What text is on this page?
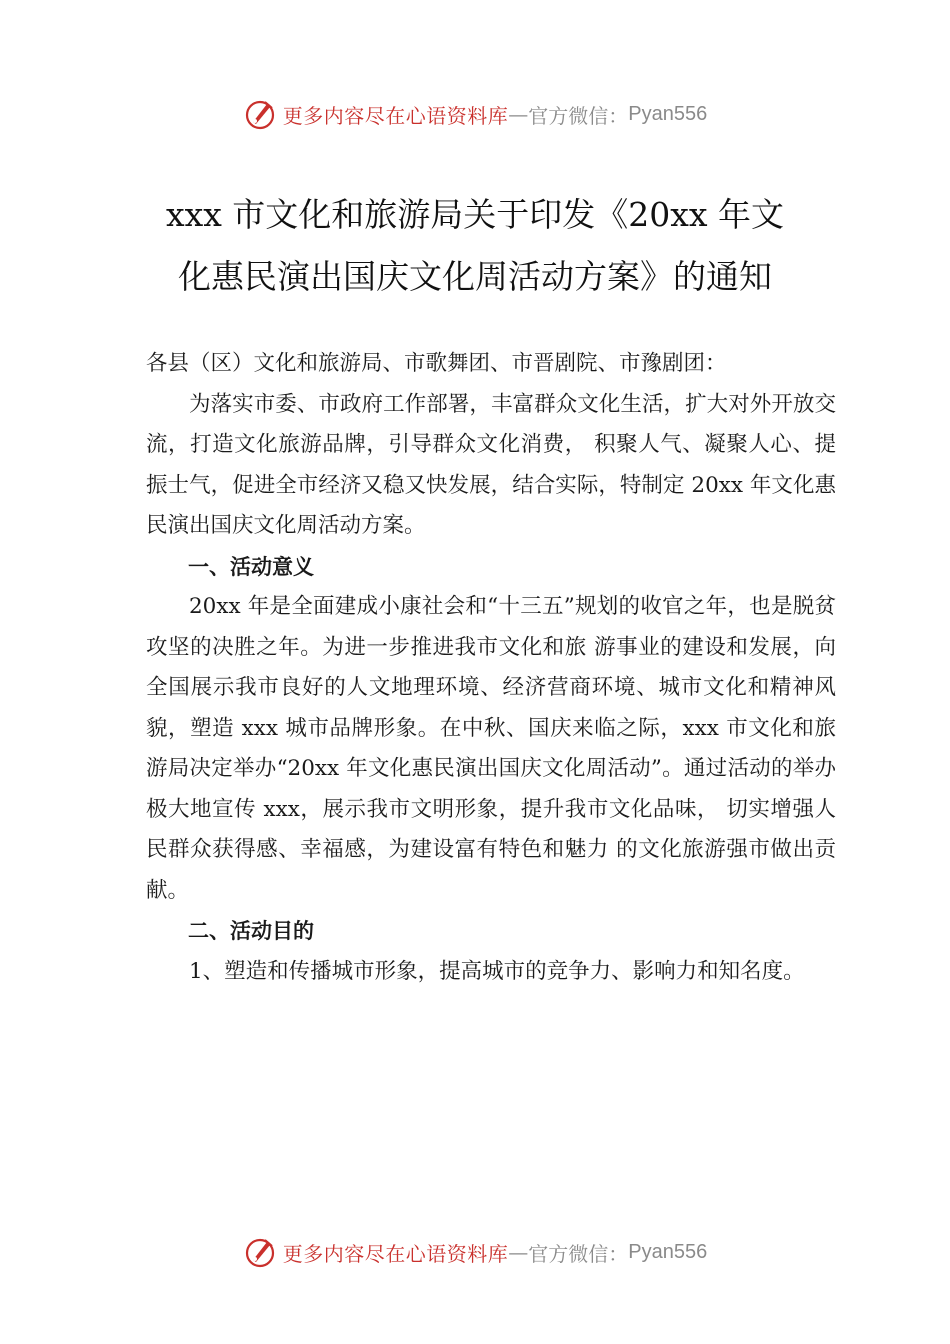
更多内容尽在心语资料库 — 官方微信： Pyan556
xxx 市文化和旅游局关于印发《20xx 年文
化惠民演出国庆文化周活动方案》的通知

各县（区）文化和旅游局、市歌舞团、市晋剧院、市豫剧团：

为落实市委、市政府工作部署，丰富群众文化生活，扩大对外开放交流，打造文化旅游品牌，引导群众文化消费， 积聚人气、凝聚人心、提振士气，促进全市经济又稳又快发展，结合实际，特制定 20xx 年文化惠民演出国庆文化周活动方案。

一、活动意义

20xx 年是全面建成小康社会和“十三五”规划的收官之年，也是脱贫攻坚的决胜之年。为进一步推进我市文化和旅 游事业的建设和发展，向全国展示我市良好的人文地理环境、经济营商环境、城市文化和精神风貌，塑造 xxx 城市品牌形象。在中秋、国庆来临之际，xxx 市文化和旅游局决定举办“20xx 年文化惠民演出国庆文化周活动”。通过活动的举办极大地宣传 xxx，展示我市文明形象，提升我市文化品味， 切实增强人民群众获得感、幸福感，为建设富有特色和魅力 的文化旅游强市做出贡献。

二、活动目的

1、塑造和传播城市形象，提高城市的竞争力、影响力和知名度。

更多内容尽在心语资料库 — 官方微信： Pyan556
